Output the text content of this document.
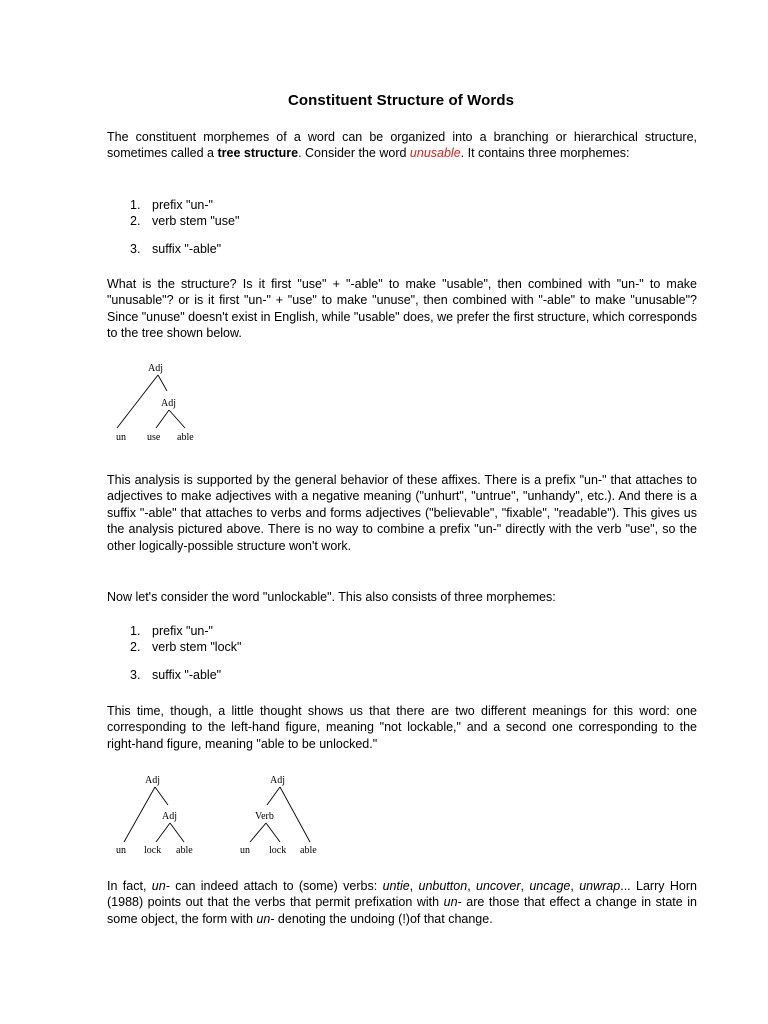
Constituent Structure of Words

The constituent morphemes of a word can be organized into a branching or hierarchical structure, sometimes called a tree structure. Consider the word unusable. It contains three morphemes:

1. prefix "un-"
2. verb stem "use"
3. suffix "-able"

What is the structure? Is it first "use" + "-able" to make "usable", then combined with "un-" to make "unusable"? or is it first "un-" + "use" to make "unuse", then combined with "-able" to make "unusable"? Since "unuse" doesn't exist in English, while "usable" does, we prefer the first structure, which corresponds to the tree shown below.

Adj
Adj
un use able

This analysis is supported by the general behavior of these affixes. There is a prefix "un-" that attaches to adjectives to make adjectives with a negative meaning ("unhurt", "untrue", "unhandy", etc.). And there is a suffix "-able" that attaches to verbs and forms adjectives ("believable", "fixable", "readable"). This gives us the analysis pictured above. There is no way to combine a prefix "un-" directly with the verb "use", so the other logically-possible structure won't work.

Now let's consider the word "unlockable". This also consists of three morphemes:

1. prefix "un-"
2. verb stem "lock"
3. suffix "-able"

This time, though, a little thought shows us that there are two different meanings for this word: one corresponding to the left-hand figure, meaning "not lockable," and a second one corresponding to the right-hand figure, meaning "able to be unlocked."

Adj
Adj
un lock able
Adj
Verb
un lock able

In fact, un- can indeed attach to (some) verbs: untie, unbutton, uncover, uncage, unwrap... Larry Horn (1988) points out that the verbs that permit prefixation with un- are those that effect a change in state in some object, the form with un- denoting the undoing (!)of that change.
